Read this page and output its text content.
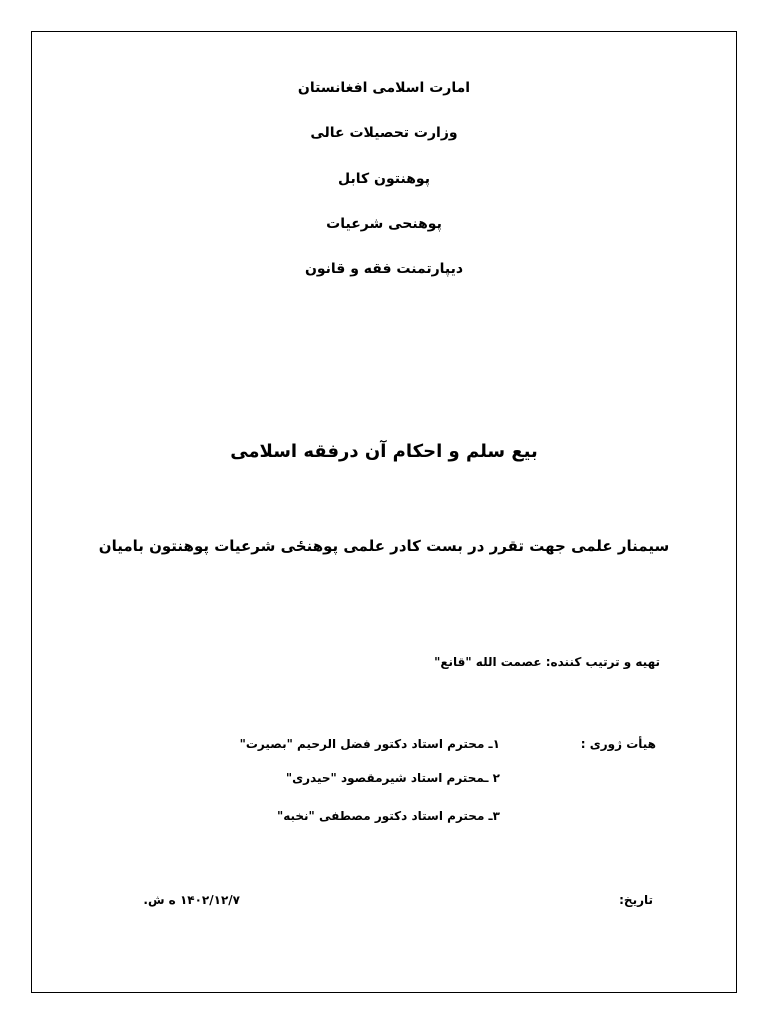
امارت اسلامی افغانستان
وزارت تحصیلات عالی
پوهنتون کابل
پوهنحی شرعیات
دیپارتمنت فقه و قانون
بیع سلم و احکام آن درفقه اسلامی
سیمنار علمی جهت تقرر در بست کادر علمی پوهنځی شرعیات پوهنتون بامیان
تهیه و ترتیب کننده: عصمت الله "قانع"
هیأت ژوری :
۱ـ محترم استاد دکتور فضل الرحیم "بصیرت"
۲ ـمحترم استاد شیرمقصود "حیدری"
۳ـ محترم استاد دکتور مصطفی "نخبه"
تاریخ:
۱۴۰۲/۱۲/۷ ه ش.
